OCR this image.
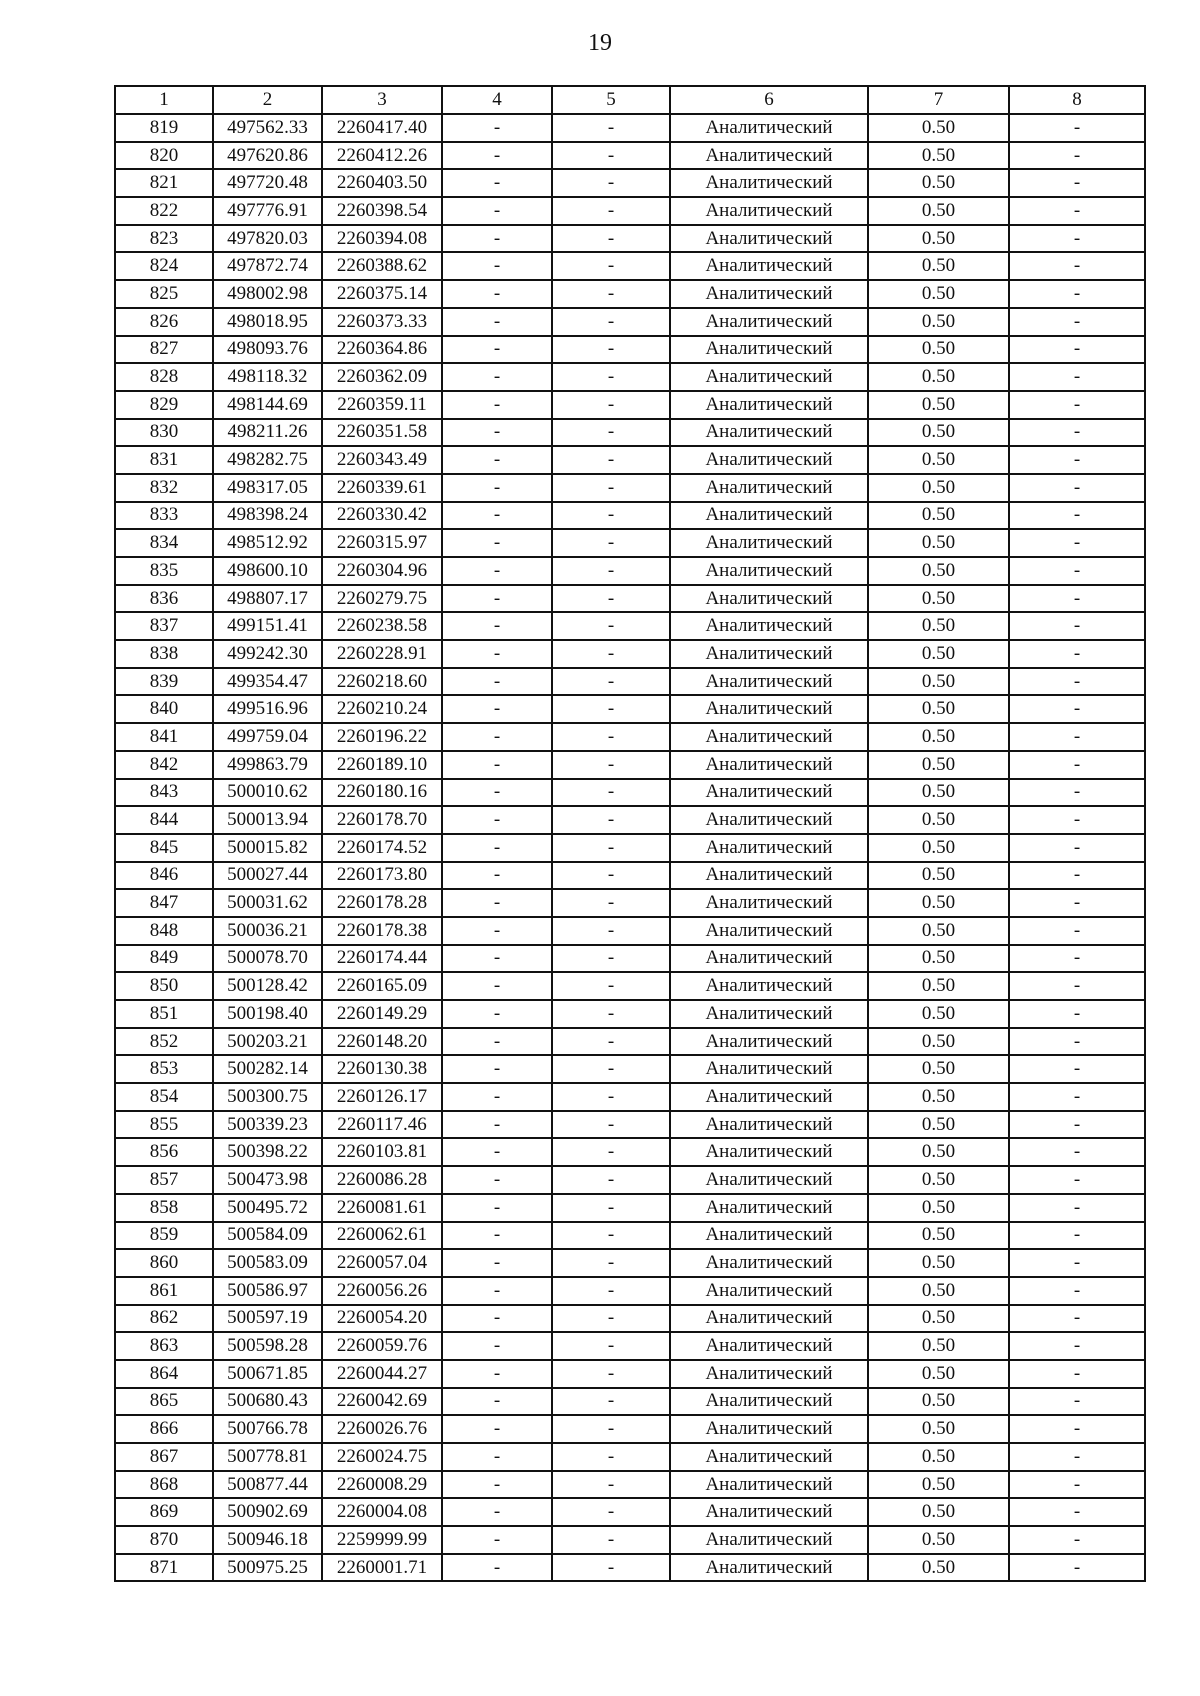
19
1	2	3	4	5	6	7	8
819	497562.33	2260417.40	-	-	Аналитический	0.50	-
820	497620.86	2260412.26	-	-	Аналитический	0.50	-
821	497720.48	2260403.50	-	-	Аналитический	0.50	-
822	497776.91	2260398.54	-	-	Аналитический	0.50	-
823	497820.03	2260394.08	-	-	Аналитический	0.50	-
824	497872.74	2260388.62	-	-	Аналитический	0.50	-
825	498002.98	2260375.14	-	-	Аналитический	0.50	-
826	498018.95	2260373.33	-	-	Аналитический	0.50	-
827	498093.76	2260364.86	-	-	Аналитический	0.50	-
828	498118.32	2260362.09	-	-	Аналитический	0.50	-
829	498144.69	2260359.11	-	-	Аналитический	0.50	-
830	498211.26	2260351.58	-	-	Аналитический	0.50	-
831	498282.75	2260343.49	-	-	Аналитический	0.50	-
832	498317.05	2260339.61	-	-	Аналитический	0.50	-
833	498398.24	2260330.42	-	-	Аналитический	0.50	-
834	498512.92	2260315.97	-	-	Аналитический	0.50	-
835	498600.10	2260304.96	-	-	Аналитический	0.50	-
836	498807.17	2260279.75	-	-	Аналитический	0.50	-
837	499151.41	2260238.58	-	-	Аналитический	0.50	-
838	499242.30	2260228.91	-	-	Аналитический	0.50	-
839	499354.47	2260218.60	-	-	Аналитический	0.50	-
840	499516.96	2260210.24	-	-	Аналитический	0.50	-
841	499759.04	2260196.22	-	-	Аналитический	0.50	-
842	499863.79	2260189.10	-	-	Аналитический	0.50	-
843	500010.62	2260180.16	-	-	Аналитический	0.50	-
844	500013.94	2260178.70	-	-	Аналитический	0.50	-
845	500015.82	2260174.52	-	-	Аналитический	0.50	-
846	500027.44	2260173.80	-	-	Аналитический	0.50	-
847	500031.62	2260178.28	-	-	Аналитический	0.50	-
848	500036.21	2260178.38	-	-	Аналитический	0.50	-
849	500078.70	2260174.44	-	-	Аналитический	0.50	-
850	500128.42	2260165.09	-	-	Аналитический	0.50	-
851	500198.40	2260149.29	-	-	Аналитический	0.50	-
852	500203.21	2260148.20	-	-	Аналитический	0.50	-
853	500282.14	2260130.38	-	-	Аналитический	0.50	-
854	500300.75	2260126.17	-	-	Аналитический	0.50	-
855	500339.23	2260117.46	-	-	Аналитический	0.50	-
856	500398.22	2260103.81	-	-	Аналитический	0.50	-
857	500473.98	2260086.28	-	-	Аналитический	0.50	-
858	500495.72	2260081.61	-	-	Аналитический	0.50	-
859	500584.09	2260062.61	-	-	Аналитический	0.50	-
860	500583.09	2260057.04	-	-	Аналитический	0.50	-
861	500586.97	2260056.26	-	-	Аналитический	0.50	-
862	500597.19	2260054.20	-	-	Аналитический	0.50	-
863	500598.28	2260059.76	-	-	Аналитический	0.50	-
864	500671.85	2260044.27	-	-	Аналитический	0.50	-
865	500680.43	2260042.69	-	-	Аналитический	0.50	-
866	500766.78	2260026.76	-	-	Аналитический	0.50	-
867	500778.81	2260024.75	-	-	Аналитический	0.50	-
868	500877.44	2260008.29	-	-	Аналитический	0.50	-
869	500902.69	2260004.08	-	-	Аналитический	0.50	-
870	500946.18	2259999.99	-	-	Аналитический	0.50	-
871	500975.25	2260001.71	-	-	Аналитический	0.50	-
